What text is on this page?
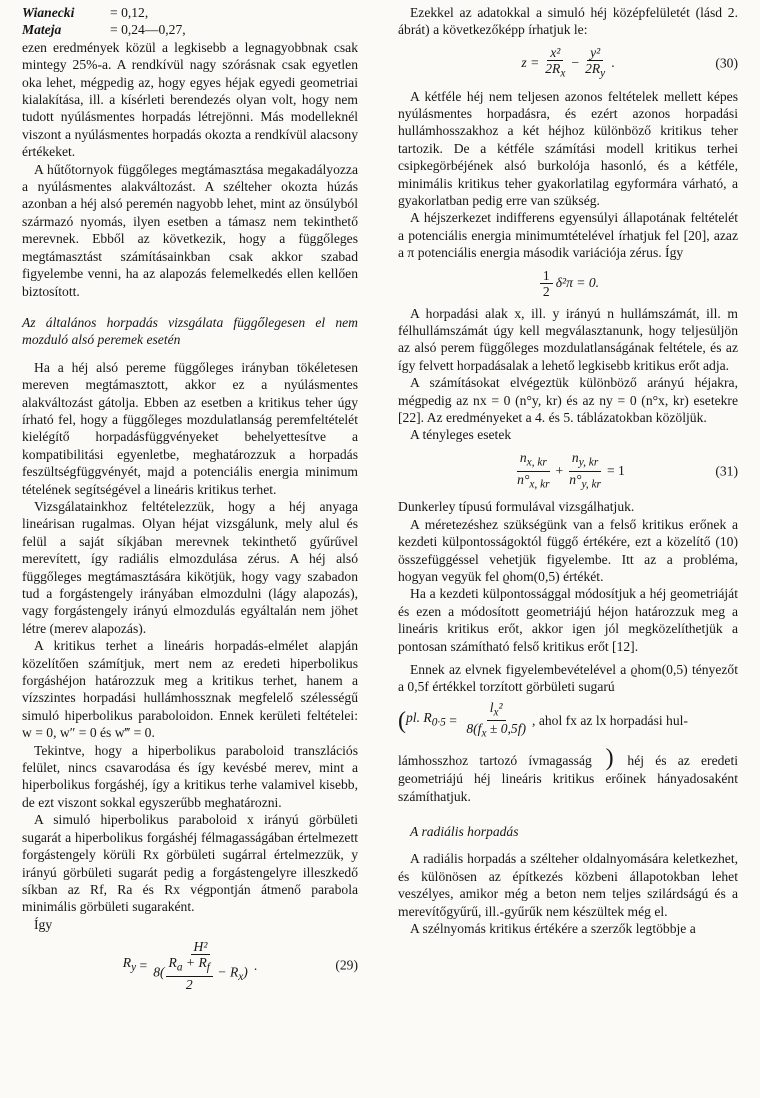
Wianecki	= 0,12,
Mateja	= 0,24—0,27,

ezen eredmények közül a legkisebb a legnagyobbnak csak mintegy 25%-a. A rendkívül nagy szórásnak csak egyetlen oka lehet, mégpedig az, hogy egyes héjak egyedi geometriai kialakítása, ill. a kísérleti berendezés olyan volt, hogy nem tudott nyúlásmentes horpadás létrejönni. Más modelleknél viszont a nyúlásmentes horpadás okozta a rendkívül alacsony értékeket.

A hűtőtornyok függőleges megtámasztása megakadályozza a nyúlásmentes alakváltozást. A szélteher okozta húzás azonban a héj alsó peremén nagyobb lehet, mint az önsúlyból származó nyomás, ilyen esetben a támasz nem tekinthető merevnek. Ebből az következik, hogy a függőleges megtámasztást számításainkban csak akkor szabad figyelembe venni, ha az alapozás felemelkedés ellen kellően biztosított.

Az általános horpadás vizsgálata függőlegesen el nem mozduló alsó peremek esetén

Ha a héj alsó pereme függőleges irányban tökéletesen mereven megtámasztott, akkor ez a nyúlásmentes alakváltozást gátolja. Ebben az esetben a kritikus teher úgy írható fel, hogy a függőleges mozdulatlanság peremfeltételét kielégítő horpadásfüggvényeket behelyettesítve a kompatibilitási egyenletbe, meghatározzuk a horpadás feszültségfüggvényét, majd a potenciális energia minimum tételének segítségével a lineáris kritikus terhet.

Vizsgálatainkhoz feltételezzük, hogy a héj anyaga lineárisan rugalmas. Olyan héjat vizsgálunk, mely alul és felül a saját síkjában merevnek tekinthető gyűrűvel merevített, így radiális elmozdulása zérus. A héj alsó függőleges megtámasztására kikötjük, hogy vagy szabadon tud a forgástengely irányában elmozdulni (lágy alapozás), vagy forgástengely irányú elmozdulás egyáltalán nem jöhet létre (merev alapozás).

A kritikus terhet a lineáris horpadás-elmélet alapján közelítően számítjuk, mert nem az eredeti hiperbolikus forgáshéjon határozzuk meg a kritikus terhet, hanem a vízszintes horpadási hullámhossznak megfelelő szélességű simuló hiperbolikus paraboloidon. Ennek kerületi feltételei: w = 0, w″ = 0 és w‴ = 0.

Tekintve, hogy a hiperbolikus paraboloid transzlációs felület, nincs csavarodása és így kevésbé merev, mint a hiperbolikus forgáshéj, így a kritikus terhe valamivel kisebb, de ezt viszont sokkal egyszerűbb meghatározni.

A simuló hiperbolikus paraboloid x irányú görbületi sugarát a hiperbolikus forgáshéj félmagasságában értelmezett forgástengely körüli Rx görbületi sugárral értelmezzük, y irányú görbületi sugarát pedig a forgástengelyre illeszkedő síkban az Rf, Ra és Rx végpontján átmenő parabola minimális görbületi sugaraként.

Így

$R_y = \frac{\text{H²}}{8( \frac{R_a + R_f}{2} - R_x)}$ .	(29)

Ezekkel az adatokkal a simuló héj középfelületét (lásd 2. ábrát) a következőképp írhatjuk le:

$z = \frac{\text{x²}}{2R_x} - \frac{\text{y²}}{2R_y}$ .	(30)

A kétféle héj nem teljesen azonos feltételek mellett képes nyúlásmentes horpadásra, és ezért azonos horpadási hullámhosszakhoz a két héjhoz különböző kritikus teher tartozik. De a kétféle számítási modell kritikus terhei csipkegörbéjének alsó burkolója hasonló, és a kétféle, minimális kritikus teher gyakorlatilag egyformára várható, a gyakorlatban pedig erre van szükség.

A héjszerkezet indifferens egyensúlyi állapotának feltételét a potenciális energia minimumtételével írhatjuk fel [20], azaz a π potenciális energia második variációja zérus. Így

1
2
δ²π = 0.

A horpadási alak x, ill. y irányú n hullámszámát, ill. m félhullámszámát úgy kell megválasztanunk, hogy teljesüljön az alsó perem függőleges mozdulatlanságának feltétele, és az így felvett horpadásalak a lehető legkisebb kritikus erőt adja.

A számításokat elvégeztük különböző arányú héjakra, mégpedig az nx = 0 (n°y, kr) és az ny = 0 (n°x, kr) esetekre [22]. Az eredményeket a 4. és 5. táblázatokban közöljük.

A tényleges esetek

$n_{x, kr}$
$n^\circ_{x, kr}$
+ $\frac{n_{y, kr}}{n^\circ_{y, kr}} = 1$	(31)

Dunkerley típusú formulával vizsgálhatjuk.

A méretezéshez szükségünk van a felső kritikus erőnek a kezdeti külpontosságoktól függő értékére, ezt a közelítő (10) összefüggéssel vehetjük figyelembe. Itt az a probléma, hogyan vegyük fel ϱhom(0,5) értékét.

Ha a kezdeti külpontossággal módosítjuk a héj geometriáját és ezen a módosított geometriájú héjon határozzuk meg a lineáris kritikus erőt, akkor igen jól megközelíthetjük a pontosan számítható felső kritikus erőt [12].

Ennek az elvnek figyelembevételével a ϱhom(0,5) tényezőt a 0,5f értékkel torzított görbületi sugarú

( pl. $R_{0\cdot 5} = \frac{l_x^2}{8(f_x \pm 0,5f)}$ , ahol fx az lx horpadási hul-

lámhosszhoz tartozó ívmagasság ) héj és az eredeti geometriájú héj lineáris kritikus erőinek hányadosaként számíthatjuk.

A radiális horpadás

A radiális horpadás a szélteher oldalnyomására keletkezhet, és különösen az építkezés közbeni állapotokban lehet veszélyes, amikor még a beton nem teljes szilárdságú és a merevítőgyűrű, ill.-gyűrűk nem készültek még el.

A szélnyomás kritikus értékére a szerzők legtöbbje a
